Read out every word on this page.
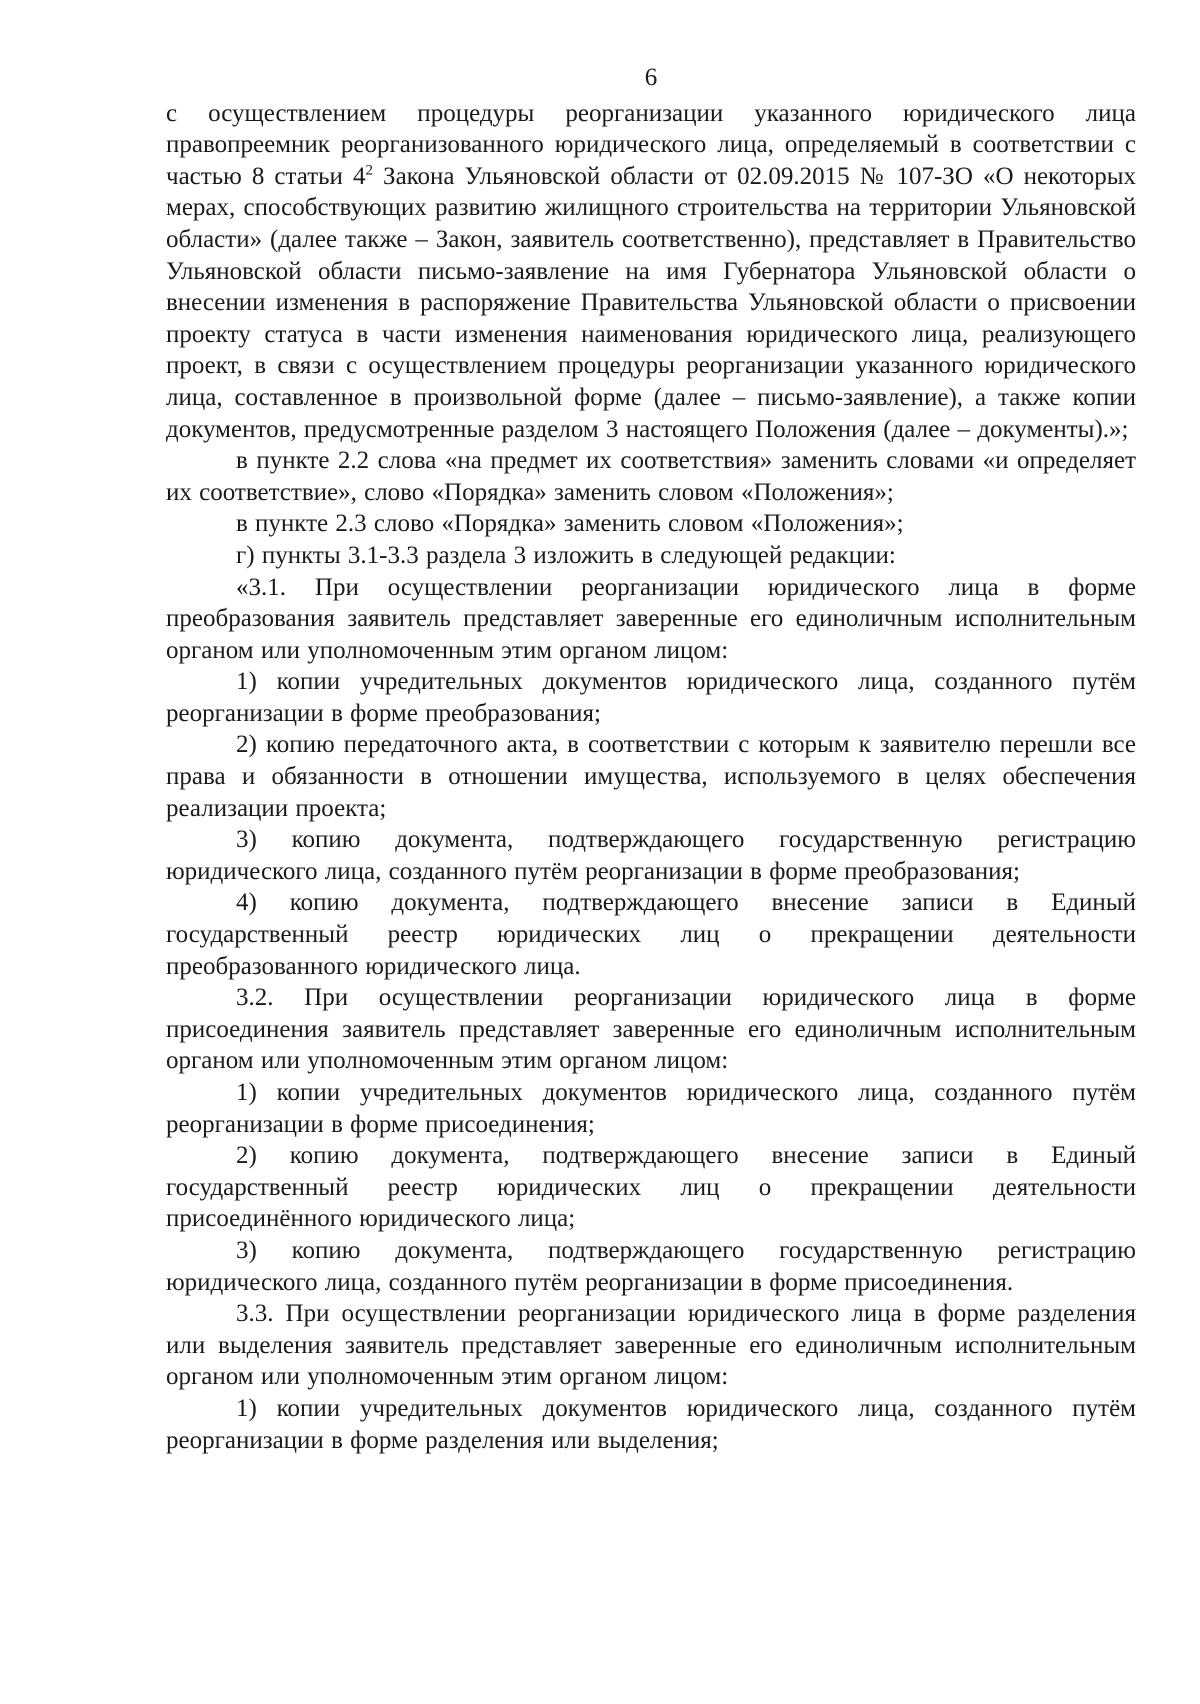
6

с осуществлением процедуры реорганизации указанного юридического лица правопреемник реорганизованного юридического лица, определяемый в соответствии с частью 8 статьи $4^2$ Закона Ульяновской области от 02.09.2015 № 107-ЗО «О некоторых мерах, способствующих развитию жилищного строительства на территории Ульяновской области» (далее также – Закон, заявитель соответственно), представляет в Правительство Ульяновской области письмо-заявление на имя Губернатора Ульяновской области о внесении изменения в распоряжение Правительства Ульяновской области о присвоении проекту статуса в части изменения наименования юридического лица, реализующего проект, в связи с осуществлением процедуры реорганизации указанного юридического лица, составленное в произвольной форме (далее – письмо-заявление), а также копии документов, предусмотренные разделом 3 настоящего Положения (далее – документы).»;

в пункте 2.2 слова «на предмет их соответствия» заменить словами «и определяет их соответствие», слово «Порядка» заменить словом «Положения»;

в пункте 2.3 слово «Порядка» заменить словом «Положения»;

г) пункты 3.1-3.3 раздела 3 изложить в следующей редакции:

«3.1. При осуществлении реорганизации юридического лица в форме преобразования заявитель представляет заверенные его единоличным исполнительным органом или уполномоченным этим органом лицом:

1) копии учредительных документов юридического лица, созданного путём реорганизации в форме преобразования;

2) копию передаточного акта, в соответствии с которым к заявителю перешли все права и обязанности в отношении имущества, используемого в целях обеспечения реализации проекта;

3) копию документа, подтверждающего государственную регистрацию юридического лица, созданного путём реорганизации в форме преобразования;

4) копию документа, подтверждающего внесение записи в Единый государственный реестр юридических лиц о прекращении деятельности преобразованного юридического лица.

3.2. При осуществлении реорганизации юридического лица в форме присоединения заявитель представляет заверенные его единоличным исполнительным органом или уполномоченным этим органом лицом:

1) копии учредительных документов юридического лица, созданного путём реорганизации в форме присоединения;

2) копию документа, подтверждающего внесение записи в Единый государственный реестр юридических лиц о прекращении деятельности присоединённого юридического лица;

3) копию документа, подтверждающего государственную регистрацию юридического лица, созданного путём реорганизации в форме присоединения.

3.3. При осуществлении реорганизации юридического лица в форме разделения или выделения заявитель представляет заверенные его единоличным исполнительным органом или уполномоченным этим органом лицом:

1) копии учредительных документов юридического лица, созданного путём реорганизации в форме разделения или выделения;
